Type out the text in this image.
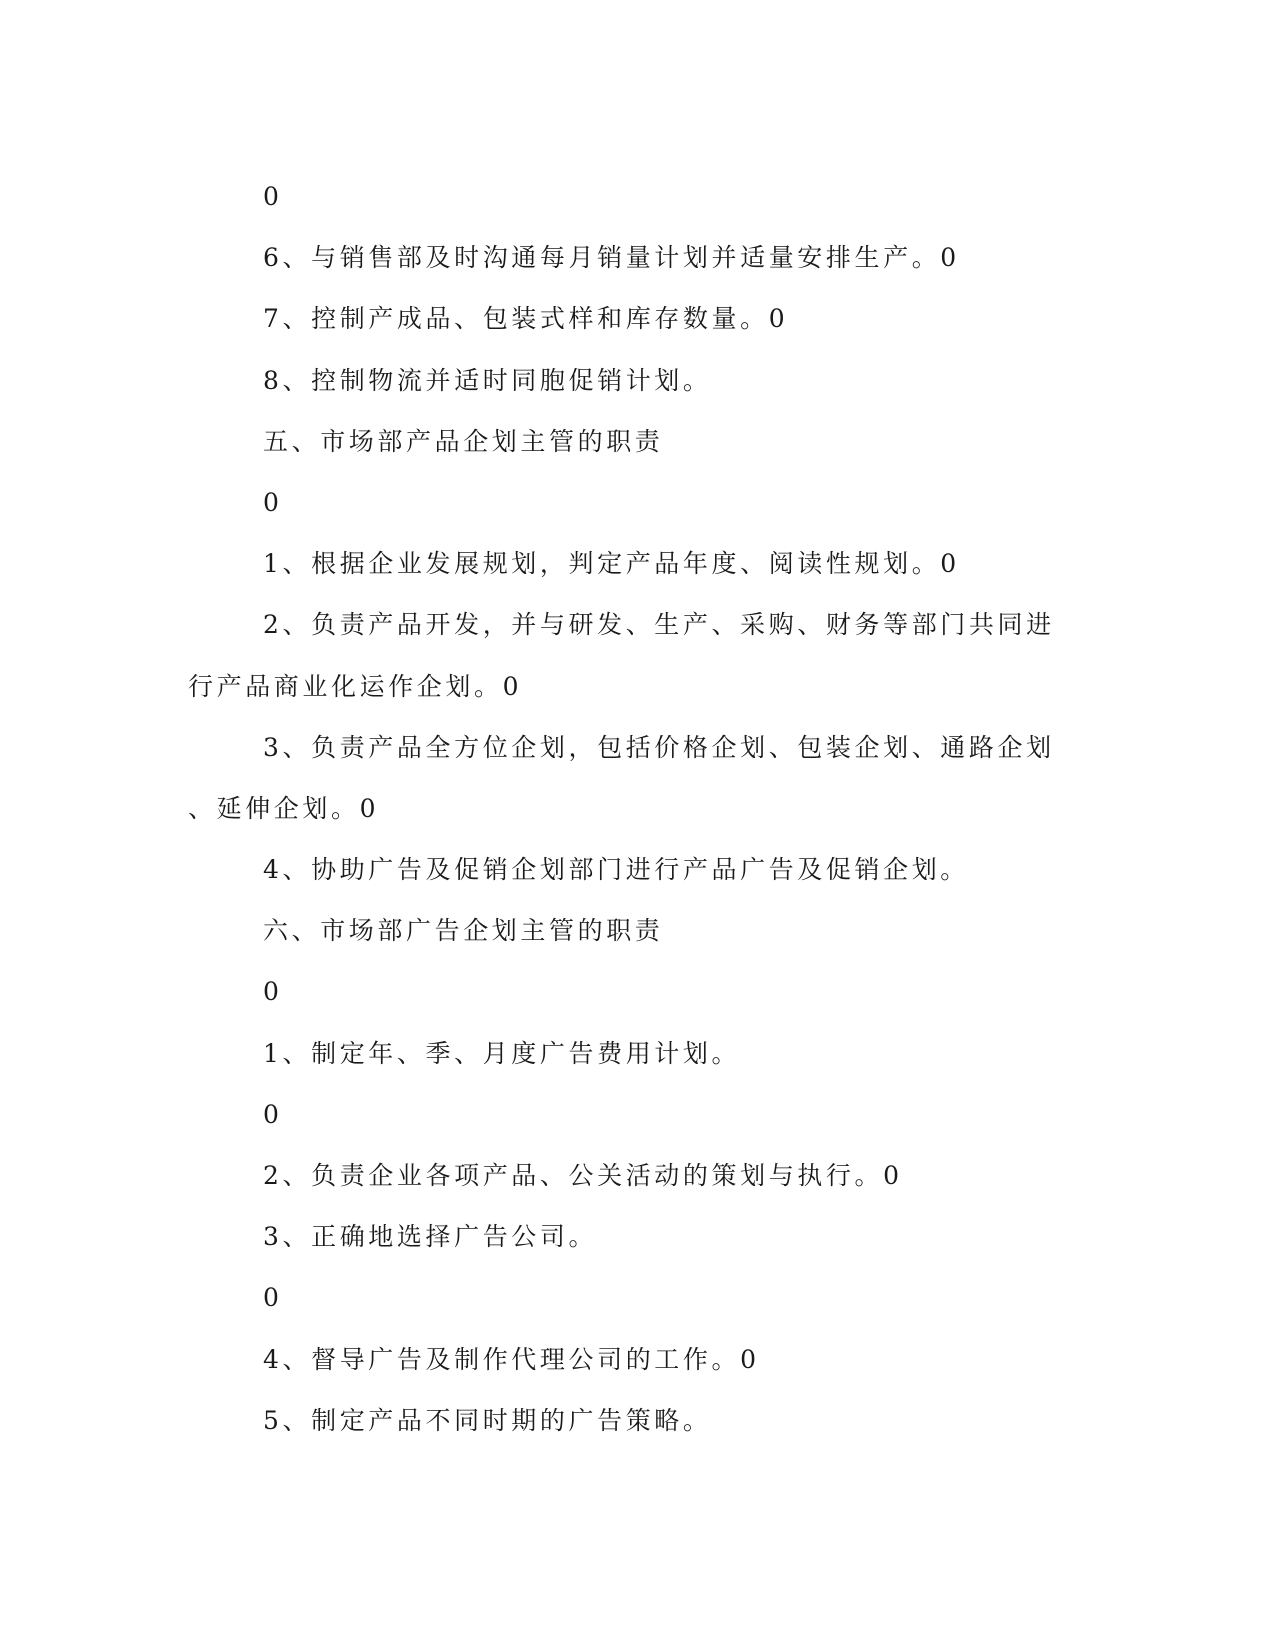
0
6、与销售部及时沟通每月销量计划并适量安排生产。0
7、控制产成品、包装式样和库存数量。0
8、控制物流并适时同胞促销计划。
五、市场部产品企划主管的职责
0
1、根据企业发展规划，判定产品年度、阅读性规划。0
2、负责产品开发，并与研发、生产、采购、财务等部门共同进
行产品商业化运作企划。0
3、负责产品全方位企划，包括价格企划、包装企划、通路企划
、延伸企划。0
4、协助广告及促销企划部门进行产品广告及促销企划。
六、市场部广告企划主管的职责
0
1、制定年、季、月度广告费用计划。
0
2、负责企业各项产品、公关活动的策划与执行。0
3、正确地选择广告公司。
0
4、督导广告及制作代理公司的工作。0
5、制定产品不同时期的广告策略。
